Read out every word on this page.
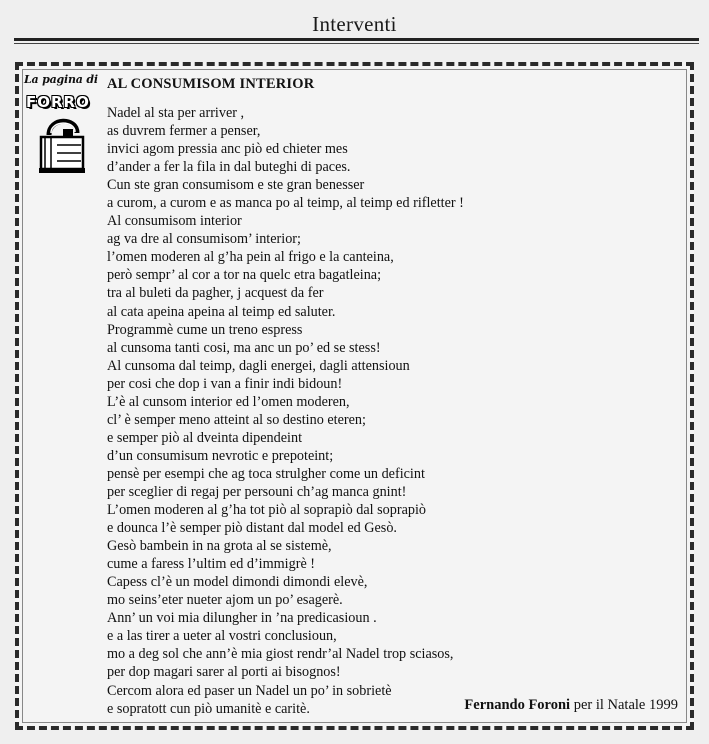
Interventi
La pagina di
FORRO
AL CONSUMISOM INTERIOR
Nadel al sta per arriver ,
as duvrem fermer a penser,
invici agom pressia anc piò ed chieter mes
d’ander a fer la fila in dal buteghi di paces.
Cun ste gran consumisom e ste gran benesser
a curom, a curom e as manca po al teimp, al teimp ed rifletter !
Al consumisom interior
ag va dre al consumisom’ interior;
l’omen moderen al g’ha pein al frigo e la canteina,
però sempr’ al cor a tor na quelc etra bagatleina;
tra al buleti da pagher, j acquest da fer
al cata apeina apeina al teimp ed saluter.
Programmè cume un treno espress
al cunsoma tanti cosi, ma anc un po’ ed se stess!
Al cunsoma dal teimp, dagli energei, dagli attensioun
per cosi che dop i van a finir indi bidoun!
L’è al cunsom interior ed l’omen moderen,
cl’ è semper meno atteint al so destino eteren;
e semper piò al dveinta dipendeint
d’un consumisum nevrotic e prepoteint;
pensè per esempi che ag toca strulgher come un deficint
per sceglier di regaj per persouni ch’ag manca gnint!
L’omen moderen al g’ha tot piò al soprapiò dal soprapiò
e dounca l’è semper piò distant dal model ed Gesò.
Gesò bambein in na grota al se sistemè,
cume a faress l’ultim ed d’immigrè !
Capess cl’è un model dimondi dimondi elevè,
mo seins’eter nueter ajom un po’ esagerè.
Ann’ un voi mia dilungher in ’na predicasioun .
e a las tirer a ueter al vostri conclusioun,
mo a deg sol che ann’è mia giost rendr’al Nadel trop sciasos,
per dop magari sarer al porti ai bisognos!
Cercom alora ed paser un Nadel un po’ in sobrietè
e sopratott cun piò umanitè e caritè.	Fernando Foroni per il Natale 1999
